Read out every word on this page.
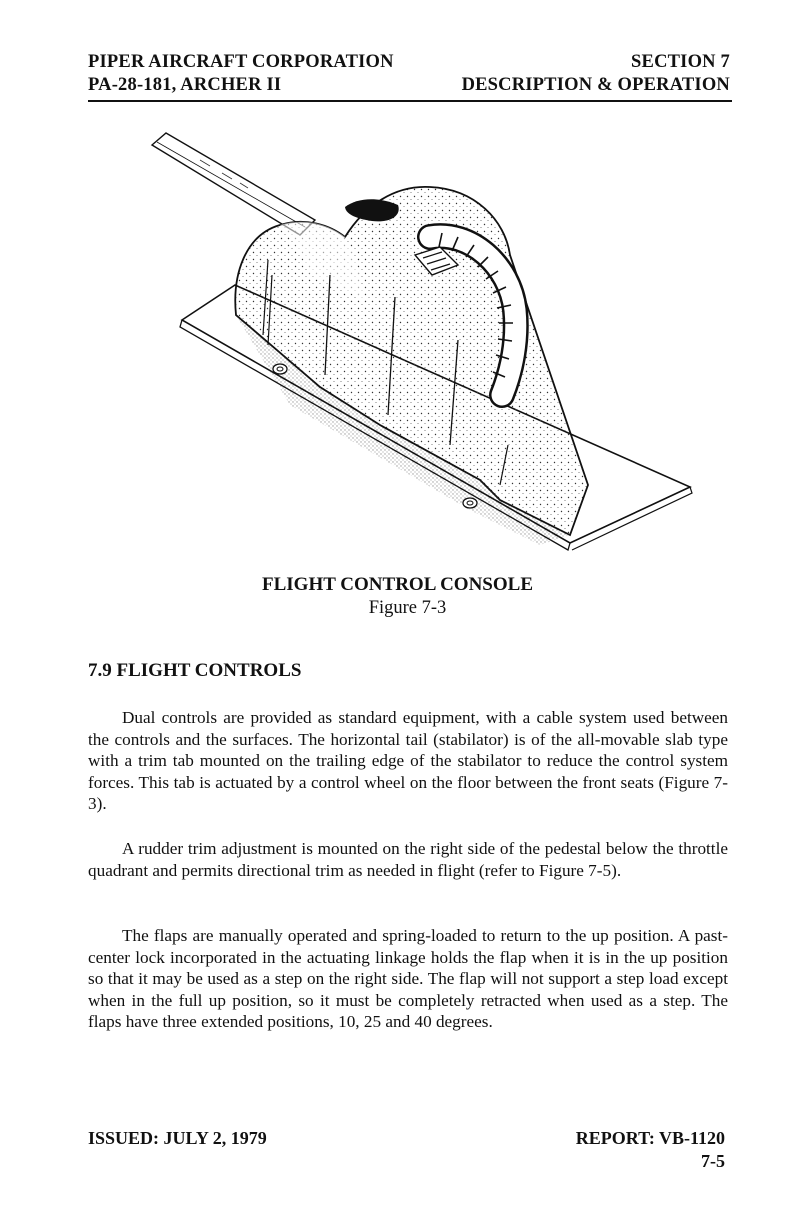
PIPER AIRCRAFT CORPORATION	SECTION 7
PA-28-181, ARCHER II	DESCRIPTION & OPERATION
FLIGHT CONTROL CONSOLE
Figure 7-3
7.9 FLIGHT CONTROLS

Dual controls are provided as standard equipment, with a cable system used between the controls and the surfaces. The horizontal tail (stabilator) is of the all-movable slab type with a trim tab mounted on the trailing edge of the stabilator to reduce the control system forces. This tab is actuated by a control wheel on the floor between the front seats (Figure 7-3).

A rudder trim adjustment is mounted on the right side of the pedestal below the throttle quadrant and permits directional trim as needed in flight (refer to Figure 7-5).

The flaps are manually operated and spring-loaded to return to the up position. A past-center lock incorporated in the actuating linkage holds the flap when it is in the up position so that it may be used as a step on the right side. The flap will not support a step load except when in the full up position, so it must be completely retracted when used as a step. The flaps have three extended positions, 10, 25 and 40 degrees.

ISSUED: JULY 2, 1979	REPORT: VB-1120
7-5
